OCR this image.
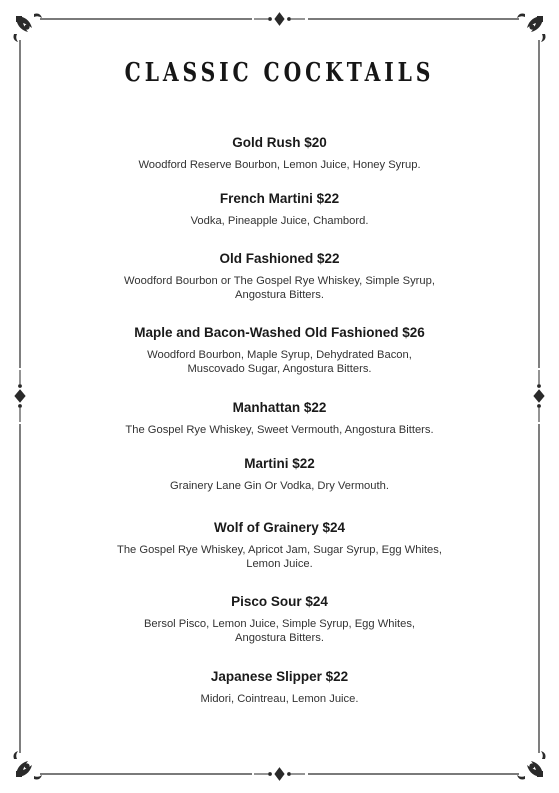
CLASSIC COCKTAILS
Gold Rush $20
Woodford Reserve Bourbon, Lemon Juice, Honey Syrup.
French Martini $22
Vodka, Pineapple Juice, Chambord.
Old Fashioned $22
Woodford Bourbon or The Gospel Rye Whiskey, Simple Syrup,
Angostura Bitters.
Maple and Bacon-Washed Old Fashioned $26
Woodford Bourbon, Maple Syrup, Dehydrated Bacon,
Muscovado Sugar, Angostura Bitters.
Manhattan $22
The Gospel Rye Whiskey, Sweet Vermouth, Angostura Bitters.
Martini $22
Grainery Lane Gin Or Vodka, Dry Vermouth.
Wolf of Grainery $24
The Gospel Rye Whiskey, Apricot Jam, Sugar Syrup, Egg Whites,
Lemon Juice.
Pisco Sour $24
Bersol Pisco, Lemon Juice, Simple Syrup, Egg Whites,
Angostura Bitters.
Japanese Slipper $22
Midori, Cointreau, Lemon Juice.
